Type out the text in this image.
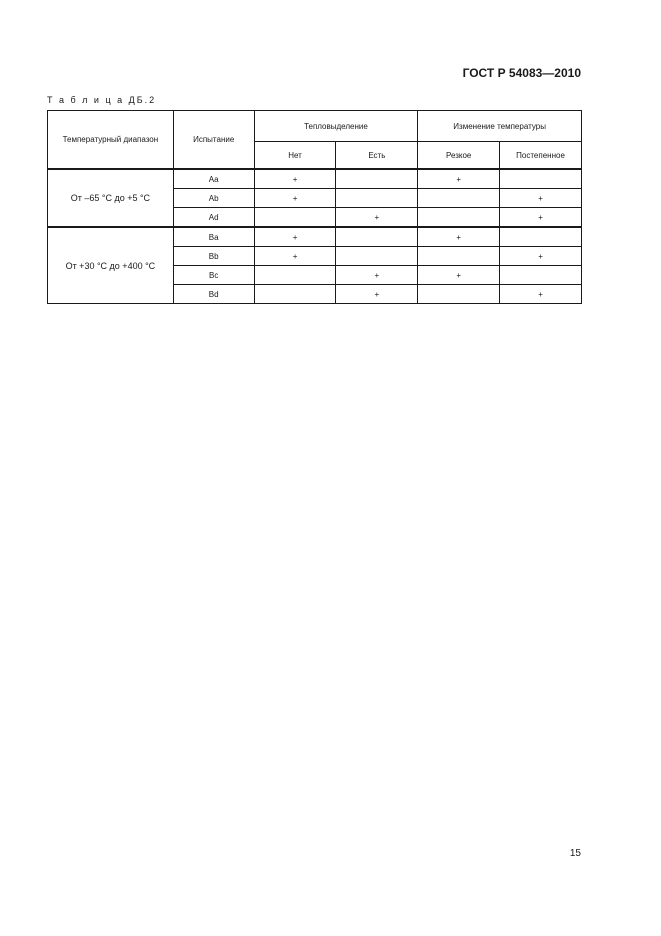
ГОСТ Р 54083—2010
Т а б л и ц а ДБ.2
Температурный диапазон	Испытание	Тепловыделение		Изменение температуры	
		Нет	Есть	Резкое	Постепенное
От –65 °С до +5 °С	Aa	+		+	
	Ab	+			+
	Ad		+		+
От +30 °С до +400 °С	Ba	+		+	
	Bb	+			+
	Bc		+	+	
	Bd		+		+
15
